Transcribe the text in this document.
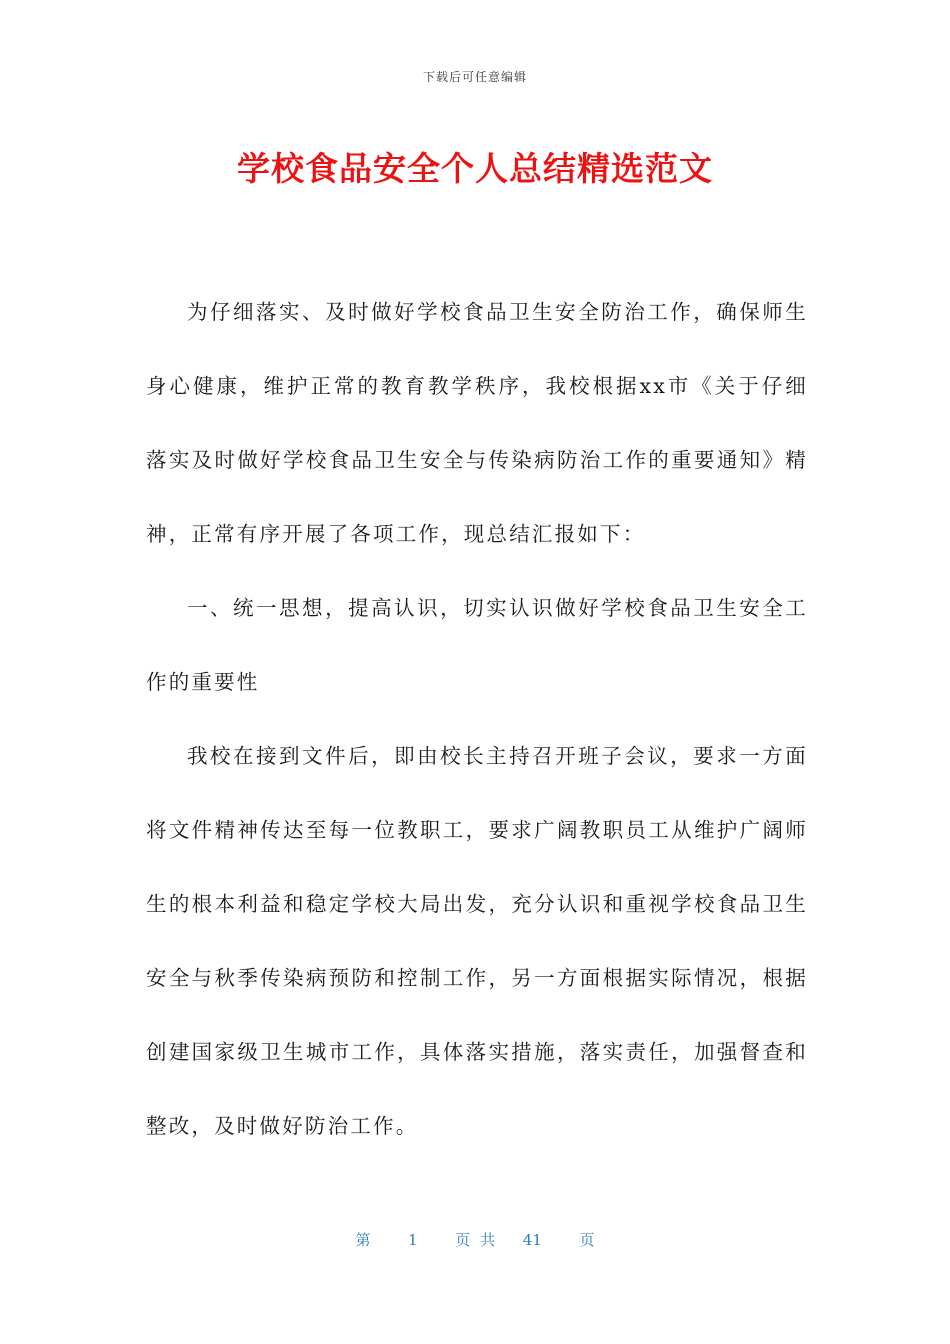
下载后可任意编辑
学校食品安全个人总结精选范文

为仔细落实、及时做好学校食品卫生安全防治工作，确保师生身心健康，维护正常的教育教学秩序，我校根据xx市《关于仔细落实及时做好学校食品卫生安全与传染病防治工作的重要通知》精神，正常有序开展了各项工作，现总结汇报如下：

一、统一思想，提高认识，切实认识做好学校食品卫生安全工作的重要性

我校在接到文件后，即由校长主持召开班子会议，要求一方面将文件精神传达至每一位教职工，要求广阔教职员工从维护广阔师生的根本利益和稳定学校大局出发，充分认识和重视学校食品卫生安全与秋季传染病预防和控制工作，另一方面根据实际情况，根据创建国家级卫生城市工作，具体落实措施，落实责任，加强督查和整改，及时做好防治工作。

第	1	页共 41	页
